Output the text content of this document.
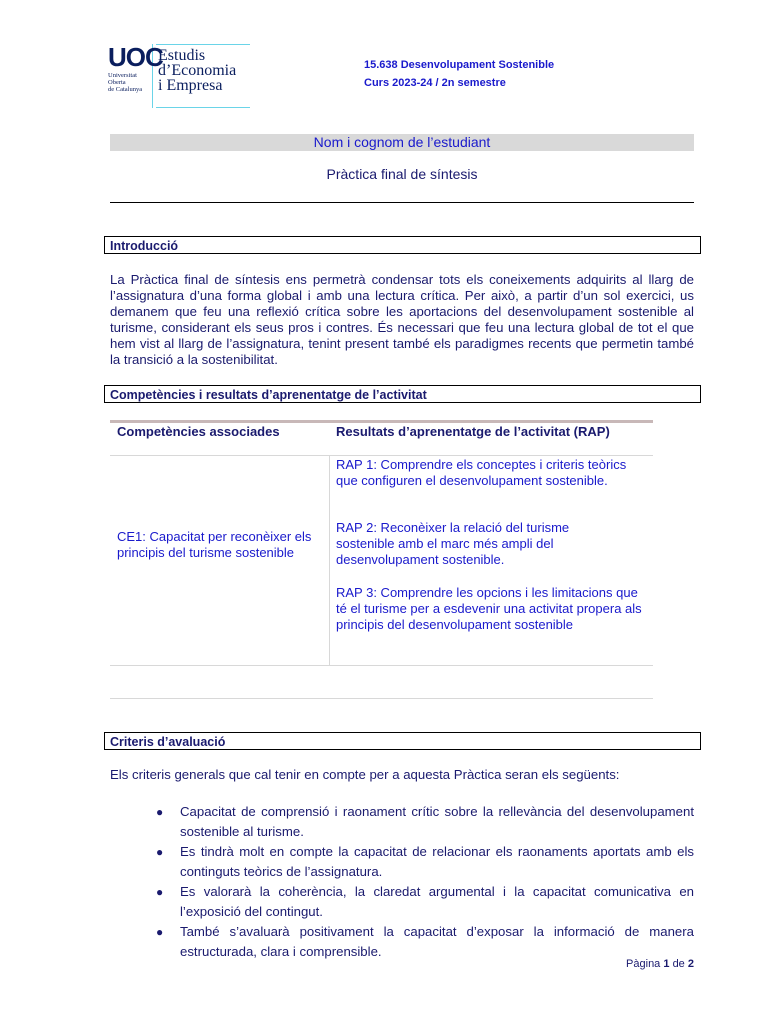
UOC
Universitat
Oberta
de Catalunya
Estudis
d’Economia
i Empresa
15.638 Desenvolupament Sostenible
Curs 2023-24 / 2n semestre
Nom i cognom de l’estudiant
Pràctica final de síntesis
Introducció
La Pràctica final de síntesis ens permetrà condensar tots els coneixements adquirits al llarg de l’assignatura d’una forma global i amb una lectura crítica. Per això, a partir d’un sol exercici, us demanem que feu una reflexió crítica sobre les aportacions del desenvolupament sostenible al turisme, considerant els seus pros i contres. És necessari que feu una lectura global de tot el que hem vist al llarg de l’assignatura, tenint present també els paradigmes recents que permetin també la transició a la sostenibilitat.
Competències i resultats d’aprenentatge de l’activitat
Competències associades	Resultats d’aprenentatge de l’activitat (RAP)
CE1: Capacitat per reconèixer els principis del turisme sostenible
RAP 1: Comprendre els conceptes i criteris teòrics que configuren el desenvolupament sostenible.
RAP 2: Reconèixer la relació del turisme sostenible amb el marc més ampli del desenvolupament sostenible.
RAP 3: Comprendre les opcions i les limitacions que té el turisme per a esdevenir una activitat propera als principis del desenvolupament sostenible
Criteris d’avaluació
Els criteris generals que cal tenir en compte per a aquesta Pràctica seran els següents:
● Capacitat de comprensió i raonament crític sobre la rellevància del desenvolupament sostenible al turisme.
● Es tindrà molt en compte la capacitat de relacionar els raonaments aportats amb els continguts teòrics de l’assignatura.
● Es valorarà la coherència, la claredat argumental i la capacitat comunicativa en l’exposició del contingut.
● També s’avaluarà positivament la capacitat d’exposar la informació de manera estructurada, clara i comprensible.
Pàgina 1 de 2
